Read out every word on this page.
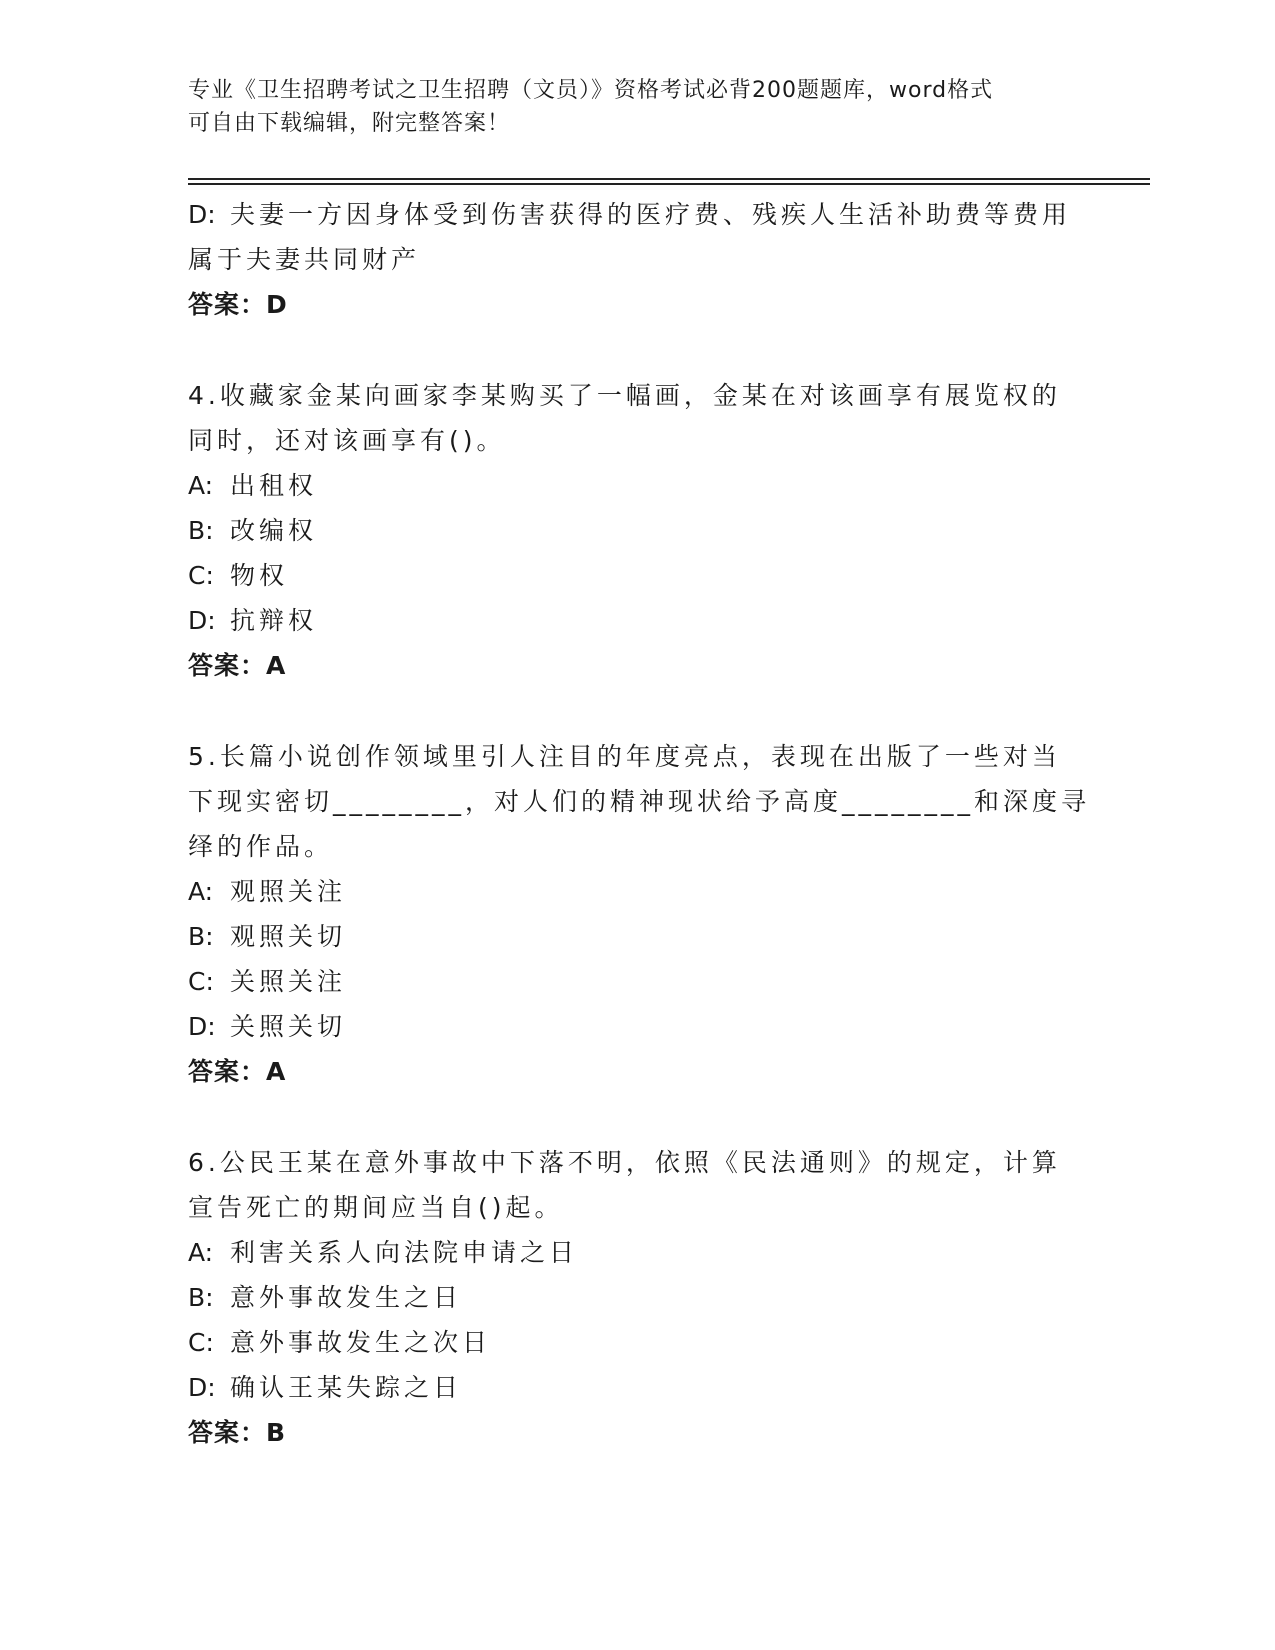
专业《卫生招聘考试之卫生招聘（文员）》资格考试必背200题题库，word格式
可自由下载编辑，附完整答案！
D: 夫妻一方因身体受到伤害获得的医疗费、残疾人生活补助费等费用
属于夫妻共同财产
答案：D
4.收藏家金某向画家李某购买了一幅画，金某在对该画享有展览权的
同时，还对该画享有()。
A: 出租权
B: 改编权
C: 物权
D: 抗辩权
答案：A
5.长篇小说创作领域里引人注目的年度亮点，表现在出版了一些对当
下现实密切________，对人们的精神现状给予高度________和深度寻
绎的作品。
A: 观照关注
B: 观照关切
C: 关照关注
D: 关照关切
答案：A
6.公民王某在意外事故中下落不明，依照《民法通则》的规定，计算
宣告死亡的期间应当自()起。
A: 利害关系人向法院申请之日
B: 意外事故发生之日
C: 意外事故发生之次日
D: 确认王某失踪之日
答案：B
